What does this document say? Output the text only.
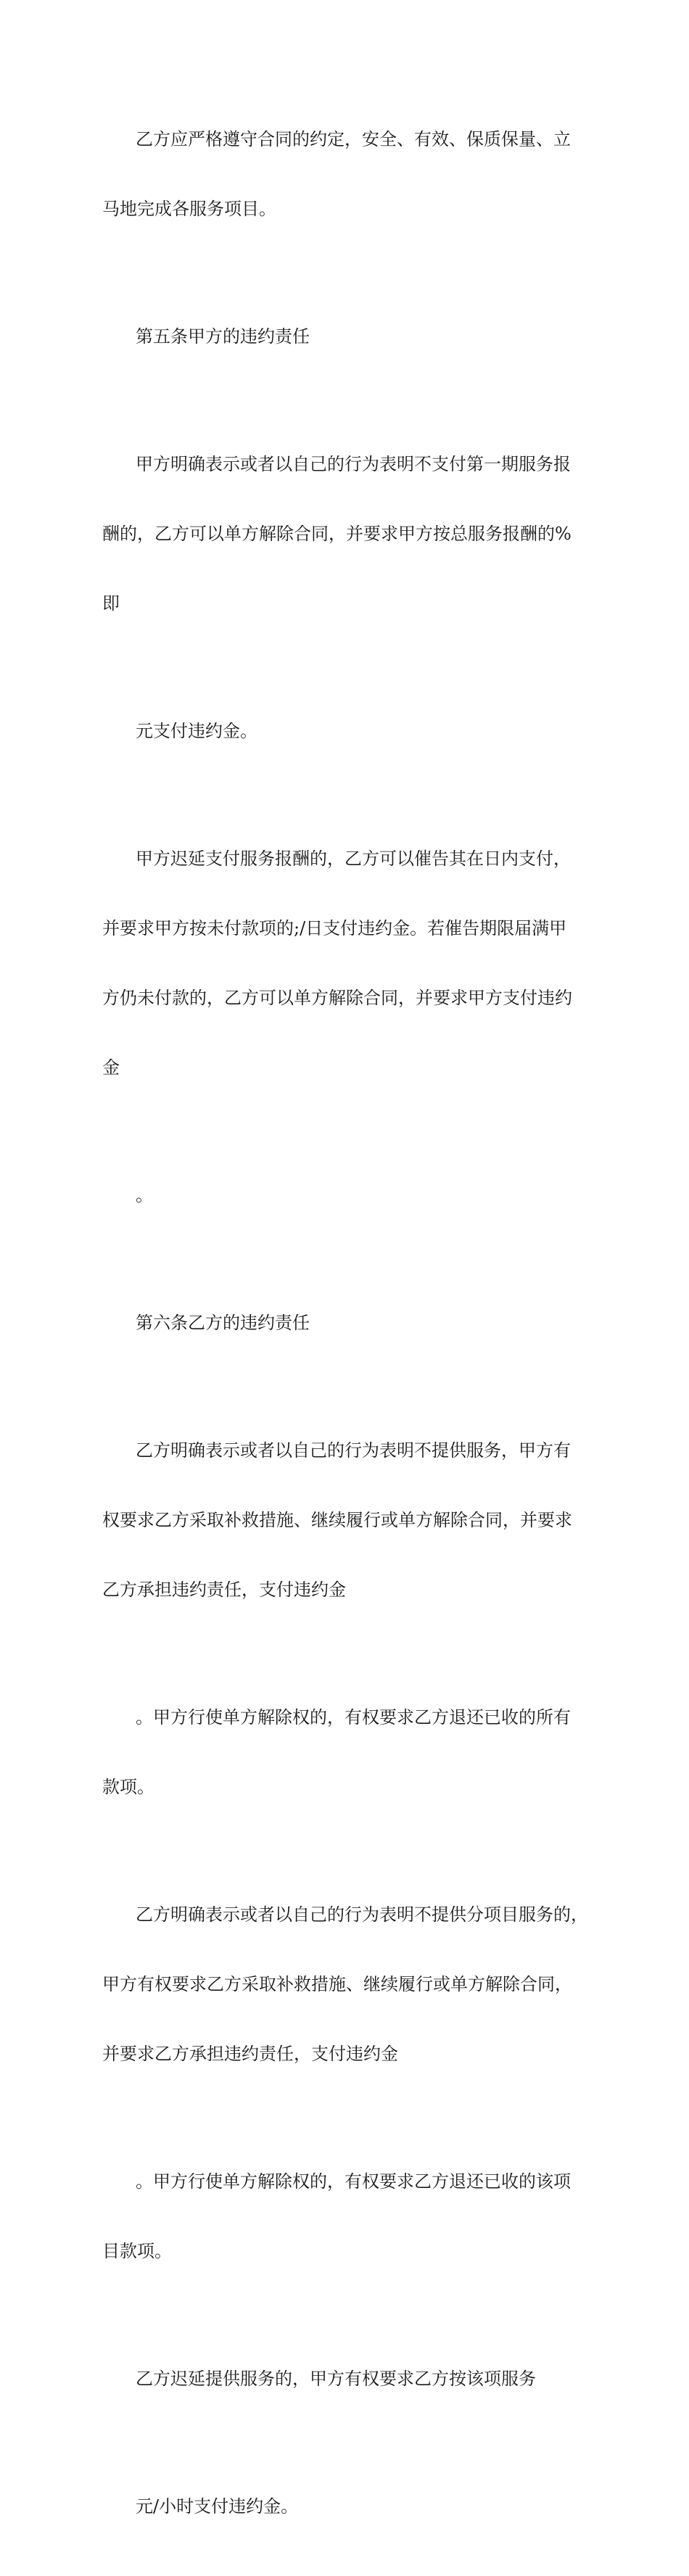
乙方应严格遵守合同的约定，安全、有效、保质保量、立

马地完成各服务项目。

第五条甲方的违约责任

甲方明确表示或者以自己的行为表明不支付第一期服务报

酬的，乙方可以单方解除合同，并要求甲方按总服务报酬的%

即

元支付违约金。

甲方迟延支付服务报酬的，乙方可以催告其在日内支付，

并要求甲方按未付款项的;/日支付违约金。若催告期限届满甲

方仍未付款的，乙方可以单方解除合同，并要求甲方支付违约

金

。

第六条乙方的违约责任

乙方明确表示或者以自己的行为表明不提供服务，甲方有

权要求乙方采取补救措施、继续履行或单方解除合同，并要求

乙方承担违约责任，支付违约金

。甲方行使单方解除权的，有权要求乙方退还已收的所有

款项。

乙方明确表示或者以自己的行为表明不提供分项目服务的，

甲方有权要求乙方采取补救措施、继续履行或单方解除合同，

并要求乙方承担违约责任，支付违约金

。甲方行使单方解除权的，有权要求乙方退还已收的该项

目款项。

乙方迟延提供服务的，甲方有权要求乙方按该项服务

元/小时支付违约金。
